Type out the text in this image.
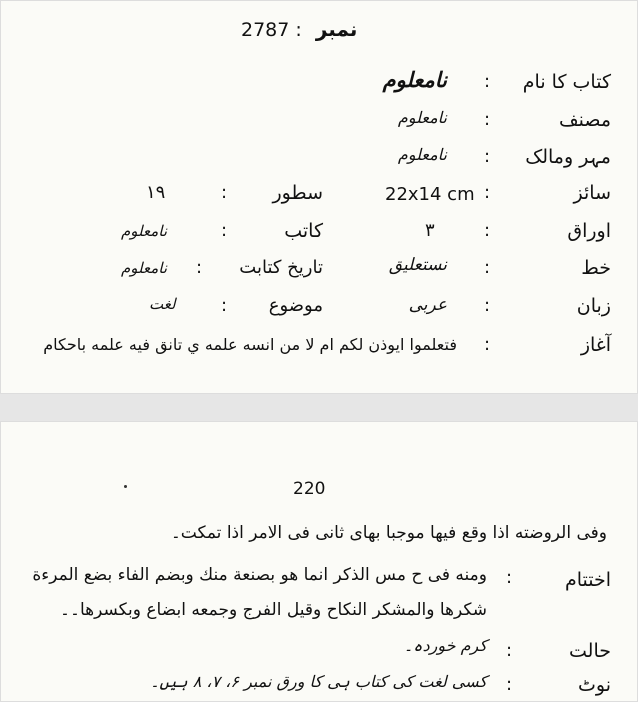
نمبر : 2787
کتاب کا نام
:
نامعلوم
مصنف
:
نامعلوم
مہر ومالک
:
نامعلوم
سائز
:
22x14 cm
سطور
:
۱۹
اوراق
:
۳
کاتب
:
نامعلوم
خط
:
نستعلیق
تاریخ کتابت
:
نامعلوم
زبان
:
عربی
موضوع
:
لغت
آغاز
:
فتعلموا ايوذن لكم ام لا من انسه علمه ي تانق فيه علمه باحكام
220
وفی الروضته اذا وقع فیها موجبا بهای ثانی فی الامر اذا تمکت۔
اختتام
:
ومنه فی ح مس الذکر انما هو بصنعة منك وبضم الفاء بضع المرءة
شکرها والمشکر النکاح وقیل الفرج وجمعه ابضاع وبکسرها۔۔
حالت
:
کرم خوردہ۔
نوٹ
:
کسی لغت کی کتاب ہی کا ورق نمبر ۶، ۷، ۸ ہیں۔
